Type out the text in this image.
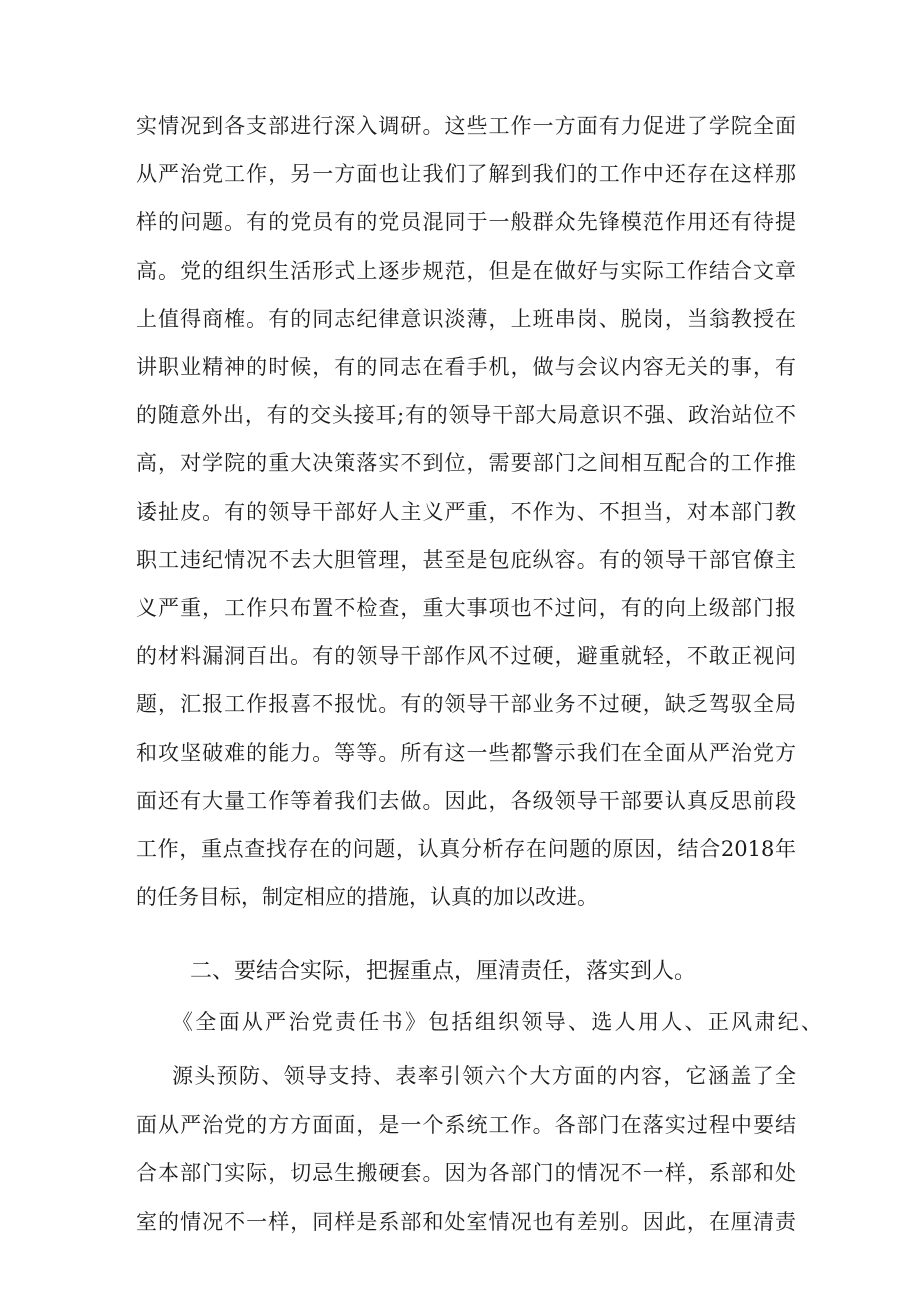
实情况到各支部进行深入调研。这些工作一方面有力促进了学院全面
从严治党工作，另一方面也让我们了解到我们的工作中还存在这样那
样的问题。有的党员有的党员混同于一般群众先锋模范作用还有待提
高。党的组织生活形式上逐步规范，但是在做好与实际工作结合文章
上值得商榷。有的同志纪律意识淡薄，上班串岗、脱岗，当翁教授在
讲职业精神的时候，有的同志在看手机，做与会议内容无关的事，有
的随意外出，有的交头接耳;有的领导干部大局意识不强、政治站位不
高，对学院的重大决策落实不到位，需要部门之间相互配合的工作推
诿扯皮。有的领导干部好人主义严重，不作为、不担当，对本部门教
职工违纪情况不去大胆管理，甚至是包庇纵容。有的领导干部官僚主
义严重，工作只布置不检查，重大事项也不过问，有的向上级部门报
的材料漏洞百出。有的领导干部作风不过硬，避重就轻，不敢正视问
题，汇报工作报喜不报忧。有的领导干部业务不过硬，缺乏驾驭全局
和攻坚破难的能力。等等。所有这一些都警示我们在全面从严治党方
面还有大量工作等着我们去做。因此，各级领导干部要认真反思前段
工作，重点查找存在的问题，认真分析存在问题的原因，结合2018年
的任务目标，制定相应的措施，认真的加以改进。
二、要结合实际，把握重点，厘清责任，落实到人。
《全面从严治党责任书》包括组织领导、选人用人、正风肃纪、
源头预防、领导支持、表率引领六个大方面的内容，它涵盖了全
面从严治党的方方面面，是一个系统工作。各部门在落实过程中要结
合本部门实际，切忌生搬硬套。因为各部门的情况不一样，系部和处
室的情况不一样，同样是系部和处室情况也有差别。因此，在厘清责
